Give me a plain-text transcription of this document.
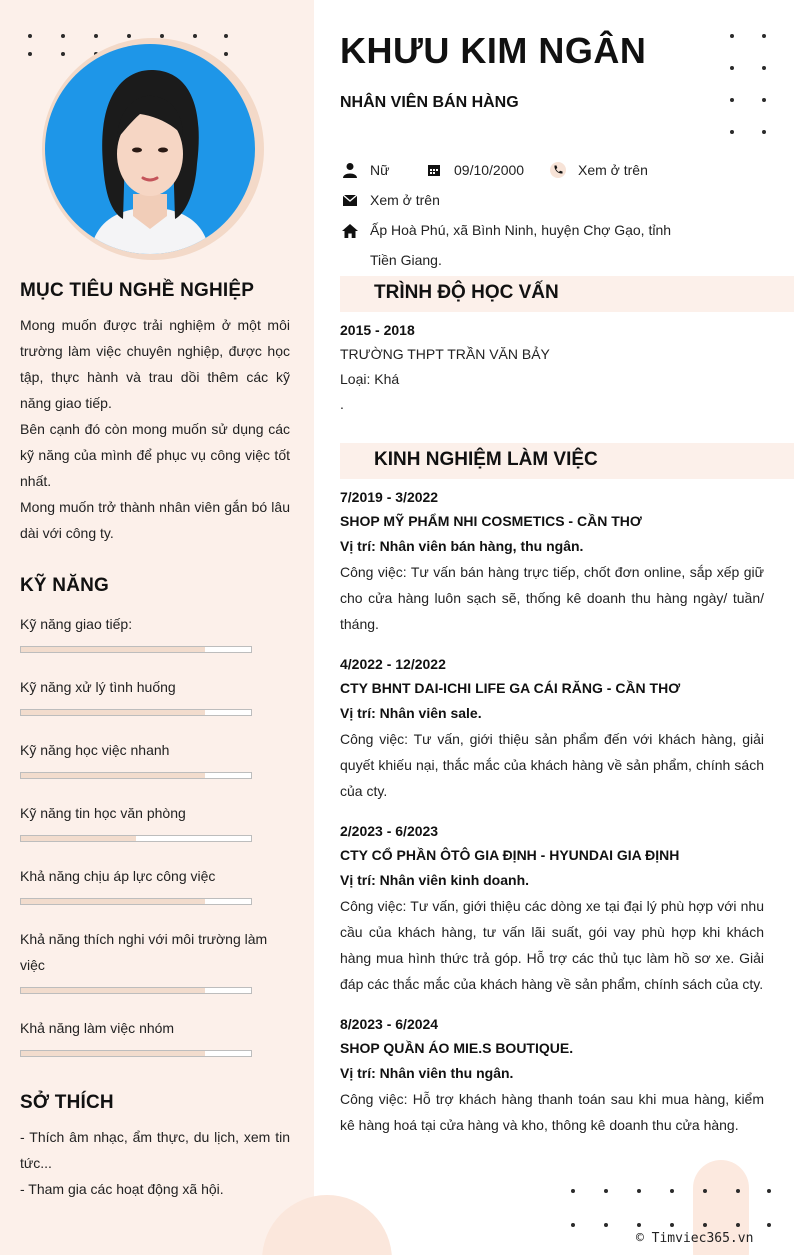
MỤC TIÊU NGHỀ NGHIỆP

Mong muốn được trải nghiệm ở một môi trường làm việc chuyên nghiệp, được học tập, thực hành và trau dồi thêm các kỹ năng giao tiếp.

Bên cạnh đó còn mong muốn sử dụng các kỹ năng của mình để phục vụ công việc tốt nhất.

Mong muốn trở thành nhân viên gắn bó lâu dài với công ty.

KỸ NĂNG
Kỹ năng giao tiếp:
Kỹ năng xử lý tình huống
Kỹ năng học việc nhanh
Kỹ năng tin học văn phòng
Khả năng chịu áp lực công việc
Khả năng thích nghi với môi trường làm việc
Khả năng làm việc nhóm
SỞ THÍCH

- Thích âm nhạc, ẩm thực, du lịch, xem tin tức...

- Tham gia các hoạt động xã hội.

KHƯU KIM NGÂN
NHÂN VIÊN BÁN HÀNG
Nữ	09/10/2000	Xem ở trên
Xem ở trên
Ấp Hoà Phú, xã Bình Ninh, huyện Chợ Gạo, tỉnh Tiền Giang.
TRÌNH ĐỘ HỌC VẤN
2015 - 2018
TRƯỜNG THPT TRẦN VĂN BẢY
Loại: Khá
.
KINH NGHIỆM LÀM VIỆC
7/2019 - 3/2022
SHOP MỸ PHẨM NHI COSMETICS - CẦN THƠ
Vị trí: Nhân viên bán hàng, thu ngân.
Công việc: Tư vấn bán hàng trực tiếp, chốt đơn online, sắp xếp giữ cho cửa hàng luôn sạch sẽ, thống kê doanh thu hàng ngày/ tuần/ tháng.
4/2022 - 12/2022
CTY BHNT DAI-ICHI LIFE GA CÁI RĂNG - CẦN THƠ
Vị trí: Nhân viên sale.
Công việc: Tư vấn, giới thiệu sản phẩm đến với khách hàng, giải quyết khiếu nại, thắc mắc của khách hàng về sản phẩm, chính sách của cty.
2/2023 - 6/2023
CTY CỔ PHẦN ÔTÔ GIA ĐỊNH - HYUNDAI GIA ĐỊNH
Vị trí: Nhân viên kinh doanh.
Công việc: Tư vấn, giới thiệu các dòng xe tại đại lý phù hợp với nhu cầu của khách hàng, tư vấn lãi suất, gói vay phù hợp khi khách hàng mua hình thức trả góp. Hỗ trợ các thủ tục làm hồ sơ xe. Giải đáp các thắc mắc của khách hàng về sản phẩm, chính sách của cty.
8/2023 - 6/2024
SHOP QUẦN ÁO MIE.S BOUTIQUE.
Vị trí: Nhân viên thu ngân.
Công việc: Hỗ trợ khách hàng thanh toán sau khi mua hàng, kiểm kê hàng hoá tại cửa hàng và kho, thông kê doanh thu cửa hàng.
© Timviec365.vn
